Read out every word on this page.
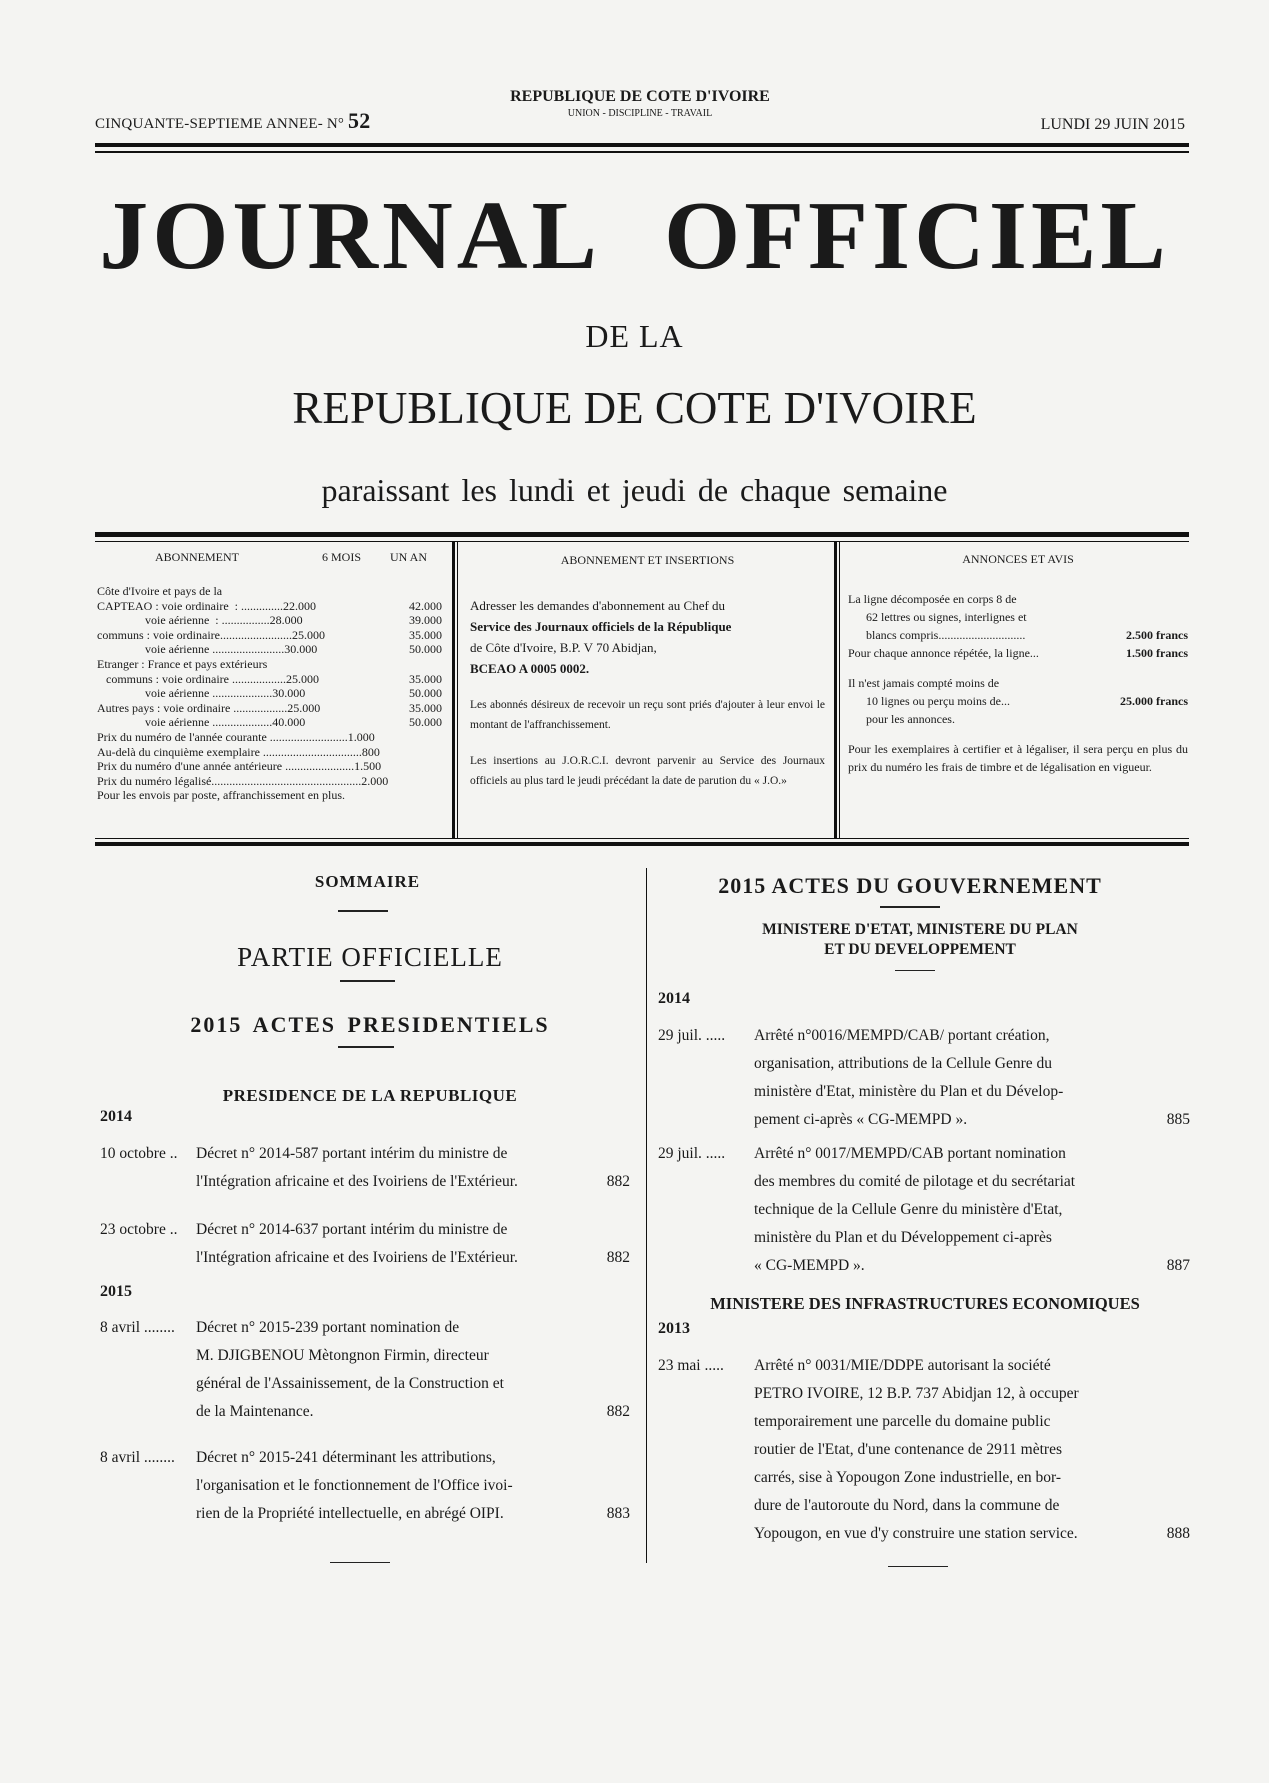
CINQUANTE-SEPTIEME ANNEE- N° 52
REPUBLIQUE DE COTE D'IVOIRE
UNION - DISCIPLINE - TRAVAIL
LUNDI 29 JUIN 2015
JOURNAL OFFICIEL
DE LA
REPUBLIQUE DE COTE D'IVOIRE
paraissant les lundi et jeudi de chaque semaine
ABONNEMENT	6 MOIS UN AN
Côte d'Ivoire et pays de la
CAPTEAO : voie ordinaire  : ..............22.000	42.000
voie aérienne  : ................28.000	39.000
communs : voie ordinaire........................25.000	35.000
voie aérienne ........................30.000	50.000
Etranger : France et pays extérieurs
communs : voie ordinaire ..................25.000	35.000
voie aérienne ....................30.000	50.000
Autres pays : voie ordinaire ..................25.000	35.000
voie aérienne ....................40.000	50.000
Prix du numéro de l'année courante ..........................1.000
Au-delà du cinquième exemplaire .................................800
Prix du numéro d'une année antérieure .......................1.500
Prix du numéro légalisé..................................................2.000
Pour les envois par poste, affranchissement en plus.
ABONNEMENT ET INSERTIONS
Adresser les demandes d'abonnement au Chef du
Service des Journaux officiels de la République
de Côte d'Ivoire, B.P. V 70 Abidjan,
BCEAO A 0005 0002.
Les abonnés désireux de recevoir un reçu sont priés d'ajouter à leur envoi le montant de l'affranchissement.
Les insertions au J.O.R.C.I. devront parvenir au Service des Journaux officiels au plus tard le jeudi précédant la date de parution du « J.O.»
ANNONCES ET AVIS
La ligne décomposée en corps 8 de
62 lettres ou signes, interlignes et
blancs compris.............................	2.500 francs
Pour chaque annonce répétée, la ligne...	1.500 francs
Il n'est jamais compté moins de
10 lignes ou perçu moins de...	25.000 francs
pour les annonces.
Pour les exemplaires à certifier et à légaliser, il sera perçu en plus du prix du numéro les frais de timbre et de légalisation en vigueur.
SOMMAIRE
PARTIE OFFICIELLE
2015 ACTES PRESIDENTIELS
PRESIDENCE DE LA REPUBLIQUE
2014
10 octobre .. Décret n° 2014-587 portant intérim du ministre de
l'Intégration africaine et des Ivoiriens de l'Extérieur.	882
23 octobre .. Décret n° 2014-637 portant intérim du ministre de
l'Intégration africaine et des Ivoiriens de l'Extérieur.	882
2015
8 avril ........ Décret n° 2015-239 portant nomination de
M. DJIGBENOU Mètongnon Firmin, directeur
général de l'Assainissement, de la Construction et
de la Maintenance.	882
8 avril ........ Décret n° 2015-241 déterminant les attributions,
l'organisation et le fonctionnement de l'Office ivoi-
rien de la Propriété intellectuelle, en abrégé OIPI.	883
2015 ACTES DU GOUVERNEMENT
MINISTERE D'ETAT, MINISTERE DU PLAN
ET DU DEVELOPPEMENT
2014
29 juil. ..... Arrêté n°0016/MEMPD/CAB/ portant création,
organisation, attributions de la Cellule Genre du
ministère d'Etat, ministère du Plan et du Dévelop-
pement ci-après « CG-MEMPD ».	885
29 juil. ..... Arrêté n° 0017/MEMPD/CAB portant nomination
des membres du comité de pilotage et du secrétariat
technique de la Cellule Genre du ministère d'Etat,
ministère du Plan et du Développement ci-après
« CG-MEMPD ».	887
MINISTERE DES INFRASTRUCTURES ECONOMIQUES
2013
23 mai ..... Arrêté n° 0031/MIE/DDPE autorisant la société
PETRO IVOIRE, 12 B.P. 737 Abidjan 12, à occuper
temporairement une parcelle du domaine public
routier de l'Etat, d'une contenance de 2911 mètres
carrés, sise à Yopougon Zone industrielle, en bor-
dure de l'autoroute du Nord, dans la commune de
Yopougon, en vue d'y construire une station service.	888
